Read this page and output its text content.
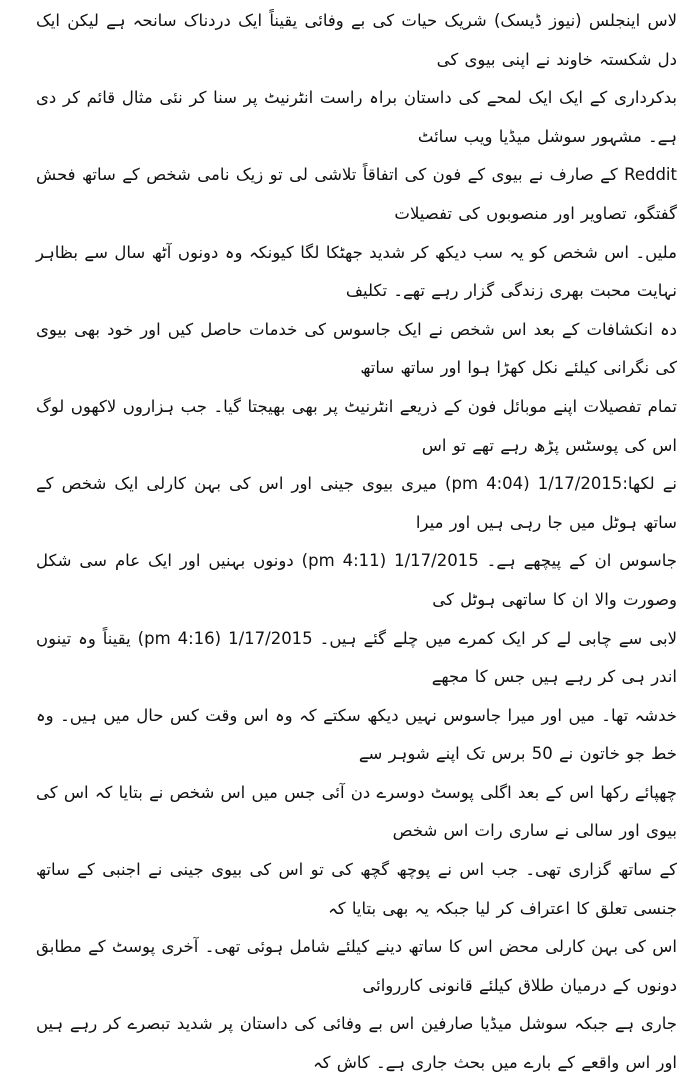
لاس اینجلس (نیوز ڈیسک) شریک حیات کی بے وفائی یقیناً ایک دردناک سانحہ ہے لیکن ایک دل شکستہ خاوند نے اپنی بیوی کی

بدکرداری کے ایک ایک لمحے کی داستان براہ راست انٹرنیٹ پر سنا کر نئی مثال قائم کر دی ہے۔ مشہور سوشل میڈیا ویب سائٹ

Reddit کے صارف نے بیوی کے فون کی اتفاقاً تلاشی لی تو زیک نامی شخص کے ساتھ فحش گفتگو، تصاویر اور منصوبوں کی تفصیلات

ملیں۔ اس شخص کو یہ سب دیکھ کر شدید جھٹکا لگا کیونکہ وہ دونوں آٹھ سال سے بظاہر نہایت محبت بھری زندگی گزار رہے تھے۔ تکلیف

دہ انکشافات کے بعد اس شخص نے ایک جاسوس کی خدمات حاصل کیں اور خود بھی بیوی کی نگرانی کیلئے نکل کھڑا ہوا اور ساتھ ساتھ

تمام تفصیلات اپنے موبائل فون کے ذریعے انٹرنیٹ پر بھی بھیجتا گیا۔ جب ہزاروں لاکھوں لوگ اس کی پوسٹس پڑھ رہے تھے تو اس

نے لکھا:1/17/2015 (pm 4:04) میری بیوی جینی اور اس کی بہن کارلی ایک شخص کے ساتھ ہوٹل میں جا رہی ہیں اور میرا

جاسوس ان کے پیچھے ہے۔ 1/17/2015 (pm 4:11) دونوں بہنیں اور ایک عام سی شکل وصورت والا ان کا ساتھی ہوٹل کی

لابی سے چابی لے کر ایک کمرے میں چلے گئے ہیں۔ 1/17/2015 (pm 4:16) یقیناً وہ تینوں اندر ہی کر رہے ہیں جس کا مجھے

خدشہ تھا۔ میں اور میرا جاسوس نہیں دیکھ سکتے کہ وہ اس وقت کس حال میں ہیں۔ وہ خط جو خاتون نے 50 برس تک اپنے شوہر سے

چھپائے رکھا اس کے بعد اگلی پوسٹ دوسرے دن آئی جس میں اس شخص نے بتایا کہ اس کی بیوی اور سالی نے ساری رات اس شخص

کے ساتھ گزاری تھی۔ جب اس نے پوچھ گچھ کی تو اس کی بیوی جینی نے اجنبی کے ساتھ جنسی تعلق کا اعتراف کر لیا جبکہ یہ بھی بتایا کہ

اس کی بہن کارلی محض اس کا ساتھ دینے کیلئے شامل ہوئی تھی۔ آخری پوسٹ کے مطابق دونوں کے درمیان طلاق کیلئے قانونی کارروائی

جاری ہے جبکہ سوشل میڈیا صارفین اس بے وفائی کی داستان پر شدید تبصرے کر رہے ہیں اور اس واقعے کے بارے میں بحث جاری ہے۔ کاش کہ
